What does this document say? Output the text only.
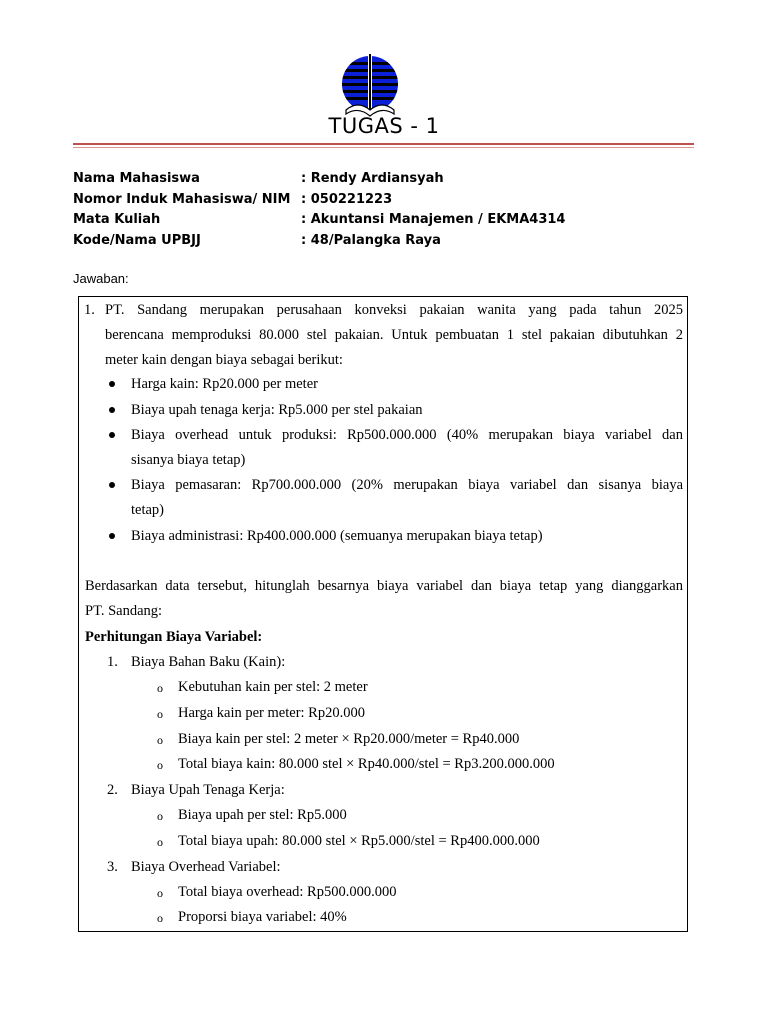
TUGAS - 1
Nama Mahasiswa	: Rendy Ardiansyah
Nomor Induk Mahasiswa/ NIM : 050221223
Mata Kuliah	: Akuntansi Manajemen / EKMA4314
Kode/Nama UPBJJ	: 48/Palangka Raya
Jawaban:
1. PT. Sandang merupakan perusahaan konveksi pakaian wanita yang pada tahun 2025
berencana memproduksi 80.000 stel pakaian. Untuk pembuatan 1 stel pakaian dibutuhkan 2
meter kain dengan biaya sebagai berikut:
Harga kain: Rp20.000 per meter
Biaya upah tenaga kerja: Rp5.000 per stel pakaian
Biaya overhead untuk produksi: Rp500.000.000 (40% merupakan biaya variabel dan
sisanya biaya tetap)
Biaya pemasaran: Rp700.000.000 (20% merupakan biaya variabel dan sisanya biaya
tetap)
Biaya administrasi: Rp400.000.000 (semuanya merupakan biaya tetap)
Berdasarkan data tersebut, hitunglah besarnya biaya variabel dan biaya tetap yang dianggarkan
PT. Sandang:
Perhitungan Biaya Variabel:
1. Biaya Bahan Baku (Kain):
o Kebutuhan kain per stel: 2 meter
o Harga kain per meter: Rp20.000
o Biaya kain per stel: 2 meter × Rp20.000/meter = Rp40.000
o Total biaya kain: 80.000 stel × Rp40.000/stel = Rp3.200.000.000
2. Biaya Upah Tenaga Kerja:
o Biaya upah per stel: Rp5.000
o Total biaya upah: 80.000 stel × Rp5.000/stel = Rp400.000.000
3. Biaya Overhead Variabel:
o Total biaya overhead: Rp500.000.000
o Proporsi biaya variabel: 40%
